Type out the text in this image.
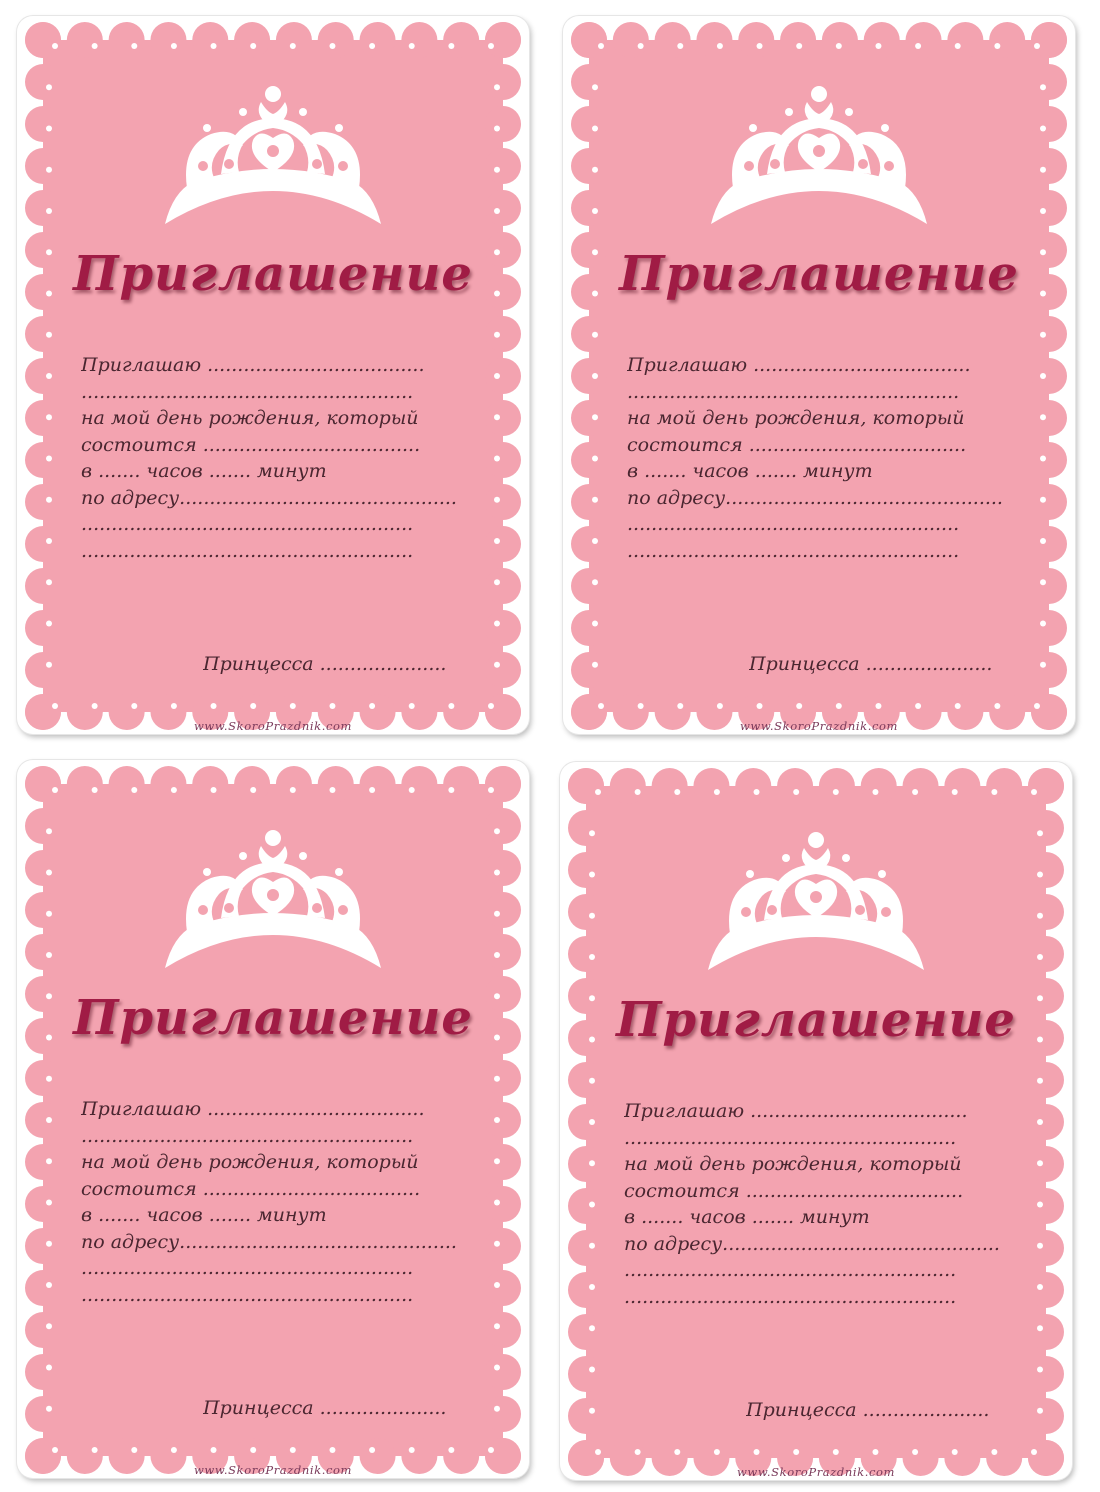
Приглашение
Приглашаю ....................................
.......................................................
на мой день рождения, который
состоится ....................................
в ....... часов ....... минут
по адресу..............................................
.......................................................
.......................................................
Принцесса .....................
www.SkoroPrazdnik.com
Приглашение
Приглашаю ....................................
.......................................................
на мой день рождения, который
состоится ....................................
в ....... часов ....... минут
по адресу..............................................
.......................................................
.......................................................
Принцесса .....................
www.SkoroPrazdnik.com
Приглашение
Приглашаю ....................................
.......................................................
на мой день рождения, который
состоится ....................................
в ....... часов ....... минут
по адресу..............................................
.......................................................
.......................................................
Принцесса .....................
www.SkoroPrazdnik.com
Приглашение
Приглашаю ....................................
.......................................................
на мой день рождения, который
состоится ....................................
в ....... часов ....... минут
по адресу..............................................
.......................................................
.......................................................
Принцесса .....................
www.SkoroPrazdnik.com
